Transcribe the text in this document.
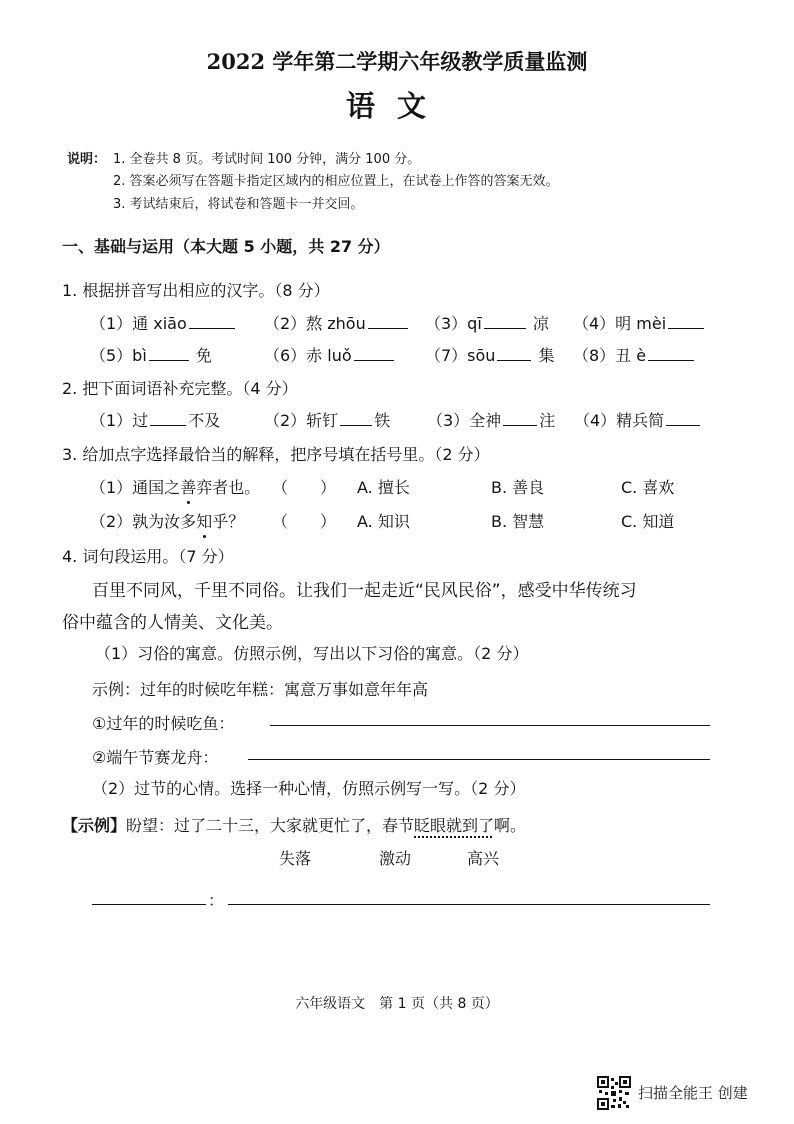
2022 学年第二学期六年级教学质量监测
语文
说明： 1. 全卷共 8 页。考试时间 100 分钟，满分 100 分。
2. 答案必须写在答题卡指定区域内的相应位置上，在试卷上作答的答案无效。
3. 考试结束后，将试卷和答题卡一并交回。
一、基础与运用（本大题 5 小题，共 27 分）
1. 根据拼音写出相应的汉字。（8 分）
（1）通 xiāo	（2）熬 zhōu	（3）qī	凉 （4）明 mèi
（5）bì	免	（6）赤 luǒ	（7）sōu	集 （8）丑 è
2. 把下面词语补充完整。（4 分）
（1）过	不及	（2）斩钉 铁 （3）全神 注 （4）精兵简
3. 给加点字选择最恰当的解释，把序号填在括号里。（2 分）
（1）通国之善弈者也。 （　　） A. 擅长	B. 善良	C. 喜欢
（2）孰为汝多知乎？ （　　） A. 知识	B. 智慧	C. 知道
4. 词句段运用。（7 分）
百里不同风，千里不同俗。让我们一起走近“民风民俗”，感受中华传统习
俗中蕴含的人情美、文化美。
（1）习俗的寓意。仿照示例，写出以下习俗的寓意。（2 分）
示例：过年的时候吃年糕：寓意万事如意年年高
①过年的时候吃鱼：
②端午节赛龙舟：
（2）过节的心情。选择一种心情，仿照示例写一写。（2 分）
【示例】盼望：过了二十三，大家就更忙了，春节眨眼就到了啊。
失落	激动	高兴
：
六年级语文　第 1 页（共 8 页）
扫描全能王 创建
